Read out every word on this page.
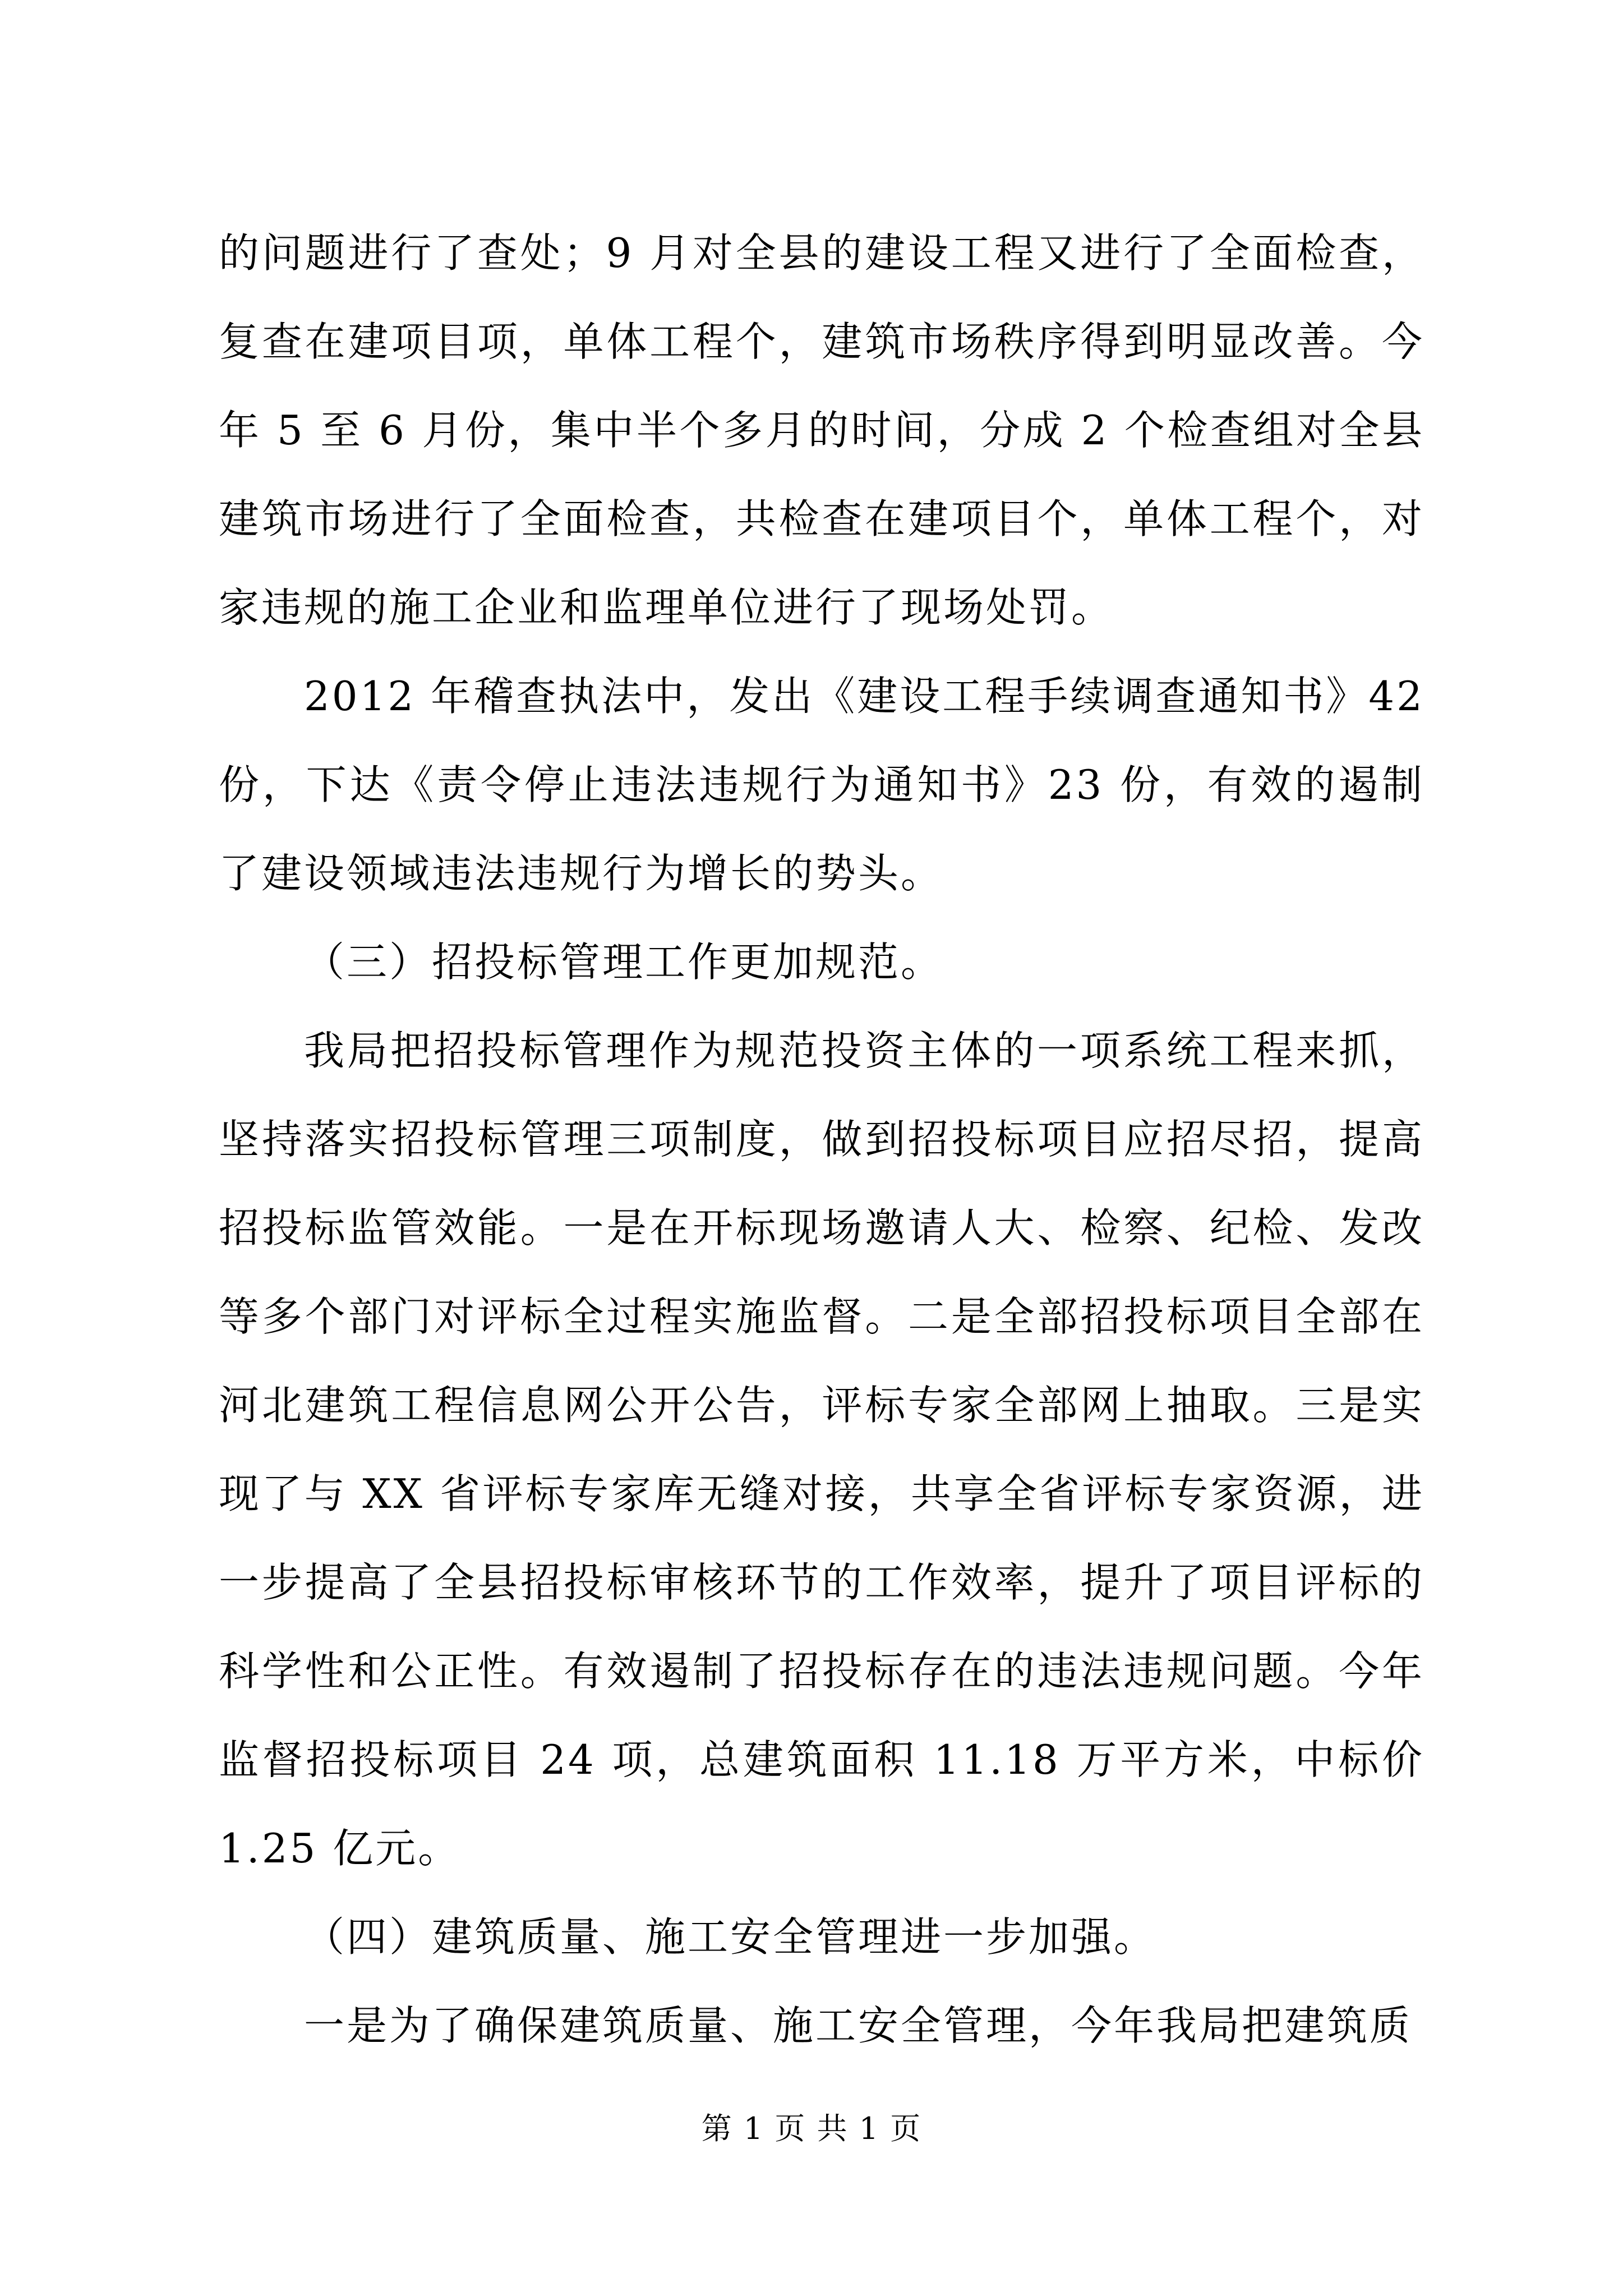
的问题进行了查处；9 月对全县的建设工程又进行了全面检查，复查在建项目项，单体工程个，建筑市场秩序得到明显改善。今年 5 至 6 月份，集中半个多月的时间，分成 2 个检查组对全县建筑市场进行了全面检查，共检查在建项目个，单体工程个，对家违规的施工企业和监理单位进行了现场处罚。

2012 年稽查执法中，发出《建设工程手续调查通知书》42 份，下达《责令停止违法违规行为通知书》23 份，有效的遏制了建设领域违法违规行为增长的势头。

（三）招投标管理工作更加规范。

我局把招投标管理作为规范投资主体的一项系统工程来抓，坚持落实招投标管理三项制度，做到招投标项目应招尽招，提高招投标监管效能。一是在开标现场邀请人大、检察、纪检、发改等多个部门对评标全过程实施监督。二是全部招投标项目全部在河北建筑工程信息网公开公告，评标专家全部网上抽取。三是实现了与 XX 省评标专家库无缝对接，共享全省评标专家资源，进一步提高了全县招投标审核环节的工作效率，提升了项目评标的科学性和公正性。有效遏制了招投标存在的违法违规问题。今年监督招投标项目 24 项，总建筑面积 11.18 万平方米，中标价 1.25 亿元。

（四）建筑质量、施工安全管理进一步加强。

一是为了确保建筑质量、施工安全管理，今年我局把建筑质

第 1 页 共 1 页
